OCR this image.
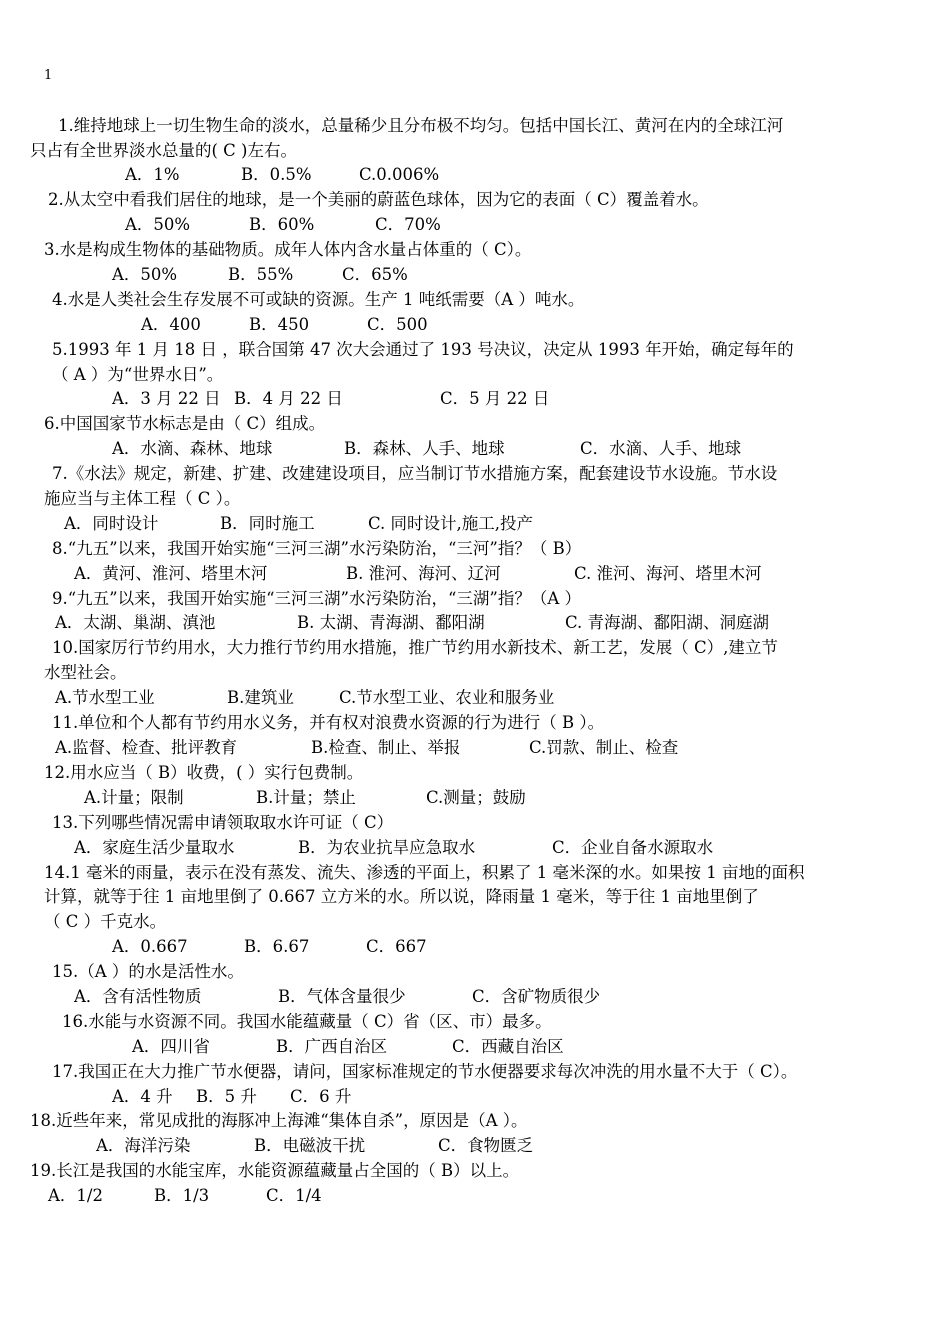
1
1.维持地球上一切生物生命的淡水，总量稀少且分布极不均匀。包括中国长江、黄河在内的全球江河
只占有全世界淡水总量的( C )左右。
A．1%	B．0.5%	C.0.006%
2.从太空中看我们居住的地球，是一个美丽的蔚蓝色球体，因为它的表面（ C）覆盖着水。
A．50%	B．60%	C．70%
3.水是构成生物体的基础物质。成年人体内含水量占体重的（ C）。
A．50%	B．55%	C．65%
4.水是人类社会生存发展不可或缺的资源。生产 1 吨纸需要（A ）吨水。
A．400	B．450	C．500
5.1993 年 1 月 18 日 ，联合国第 47 次大会通过了 193 号决议，决定从 1993 年开始，确定每年的
（ A ）为“世界水日”。
A．3 月 22 日 B．4 月 22 日	C．5 月 22 日
6.中国国家节水标志是由（ C）组成。
A．水滴、森林、地球	B．森林、人手、地球	C．水滴、人手、地球
7.《水法》规定，新建、扩建、改建建设项目，应当制订节水措施方案，配套建设节水设施。节水设
施应当与主体工程（ C ）。
A．同时设计	B．同时施工	C. 同时设计,施工,投产
8.“九五”以来，我国开始实施“三河三湖”水污染防治，“三河”指？（ B）
A．黄河、淮河、塔里木河	B. 淮河、海河、辽河	C. 淮河、海河、塔里木河
9.“九五”以来，我国开始实施“三河三湖”水污染防治，“三湖”指？（A ）
A．太湖、巢湖、滇池	B. 太湖、青海湖、鄱阳湖	C. 青海湖、鄱阳湖、洞庭湖
10.国家厉行节约用水，大力推行节约用水措施，推广节约用水新技术、新工艺，发展（ C）,建立节
水型社会。
A.节水型工业	B.建筑业	C.节水型工业、农业和服务业
11.单位和个人都有节约用水义务，并有权对浪费水资源的行为进行（ B ）。
A.监督、检查、批评教育	B.检查、制止、举报	C.罚款、制止、检查
12.用水应当（ B）收费，( ）实行包费制。
A.计量；限制	B.计量；禁止	C.测量；鼓励
13.下列哪些情况需申请领取取水许可证（ C）
A．家庭生活少量取水	B．为农业抗旱应急取水	C．企业自备水源取水
14.1 毫米的雨量，表示在没有蒸发、流失、渗透的平面上，积累了 1 毫米深的水。如果按 1 亩地的面积
计算，就等于往 1 亩地里倒了 0.667 立方米的水。所以说，降雨量 1 毫米，等于往 1 亩地里倒了
（ C ）千克水。
A．0.667	B．6.67	C．667
15.（A ）的水是活性水。
A．含有活性物质	B．气体含量很少	C．含矿物质很少
16.水能与水资源不同。我国水能蕴藏量（ C）省（区、市）最多。
A．四川省	B．广西自治区	C．西藏自治区
17.我国正在大力推广节水便器，请问，国家标准规定的节水便器要求每次冲洗的用水量不大于（ C）。
A．4 升 B．5 升 C．6 升
18.近些年来，常见成批的海豚冲上海滩“集体自杀”，原因是（A ）。
A．海洋污染	B．电磁波干扰	C．食物匮乏
19.长江是我国的水能宝库，水能资源蕴藏量占全国的（ B）以上。
A．1/2	B．1/3	C．1/4
